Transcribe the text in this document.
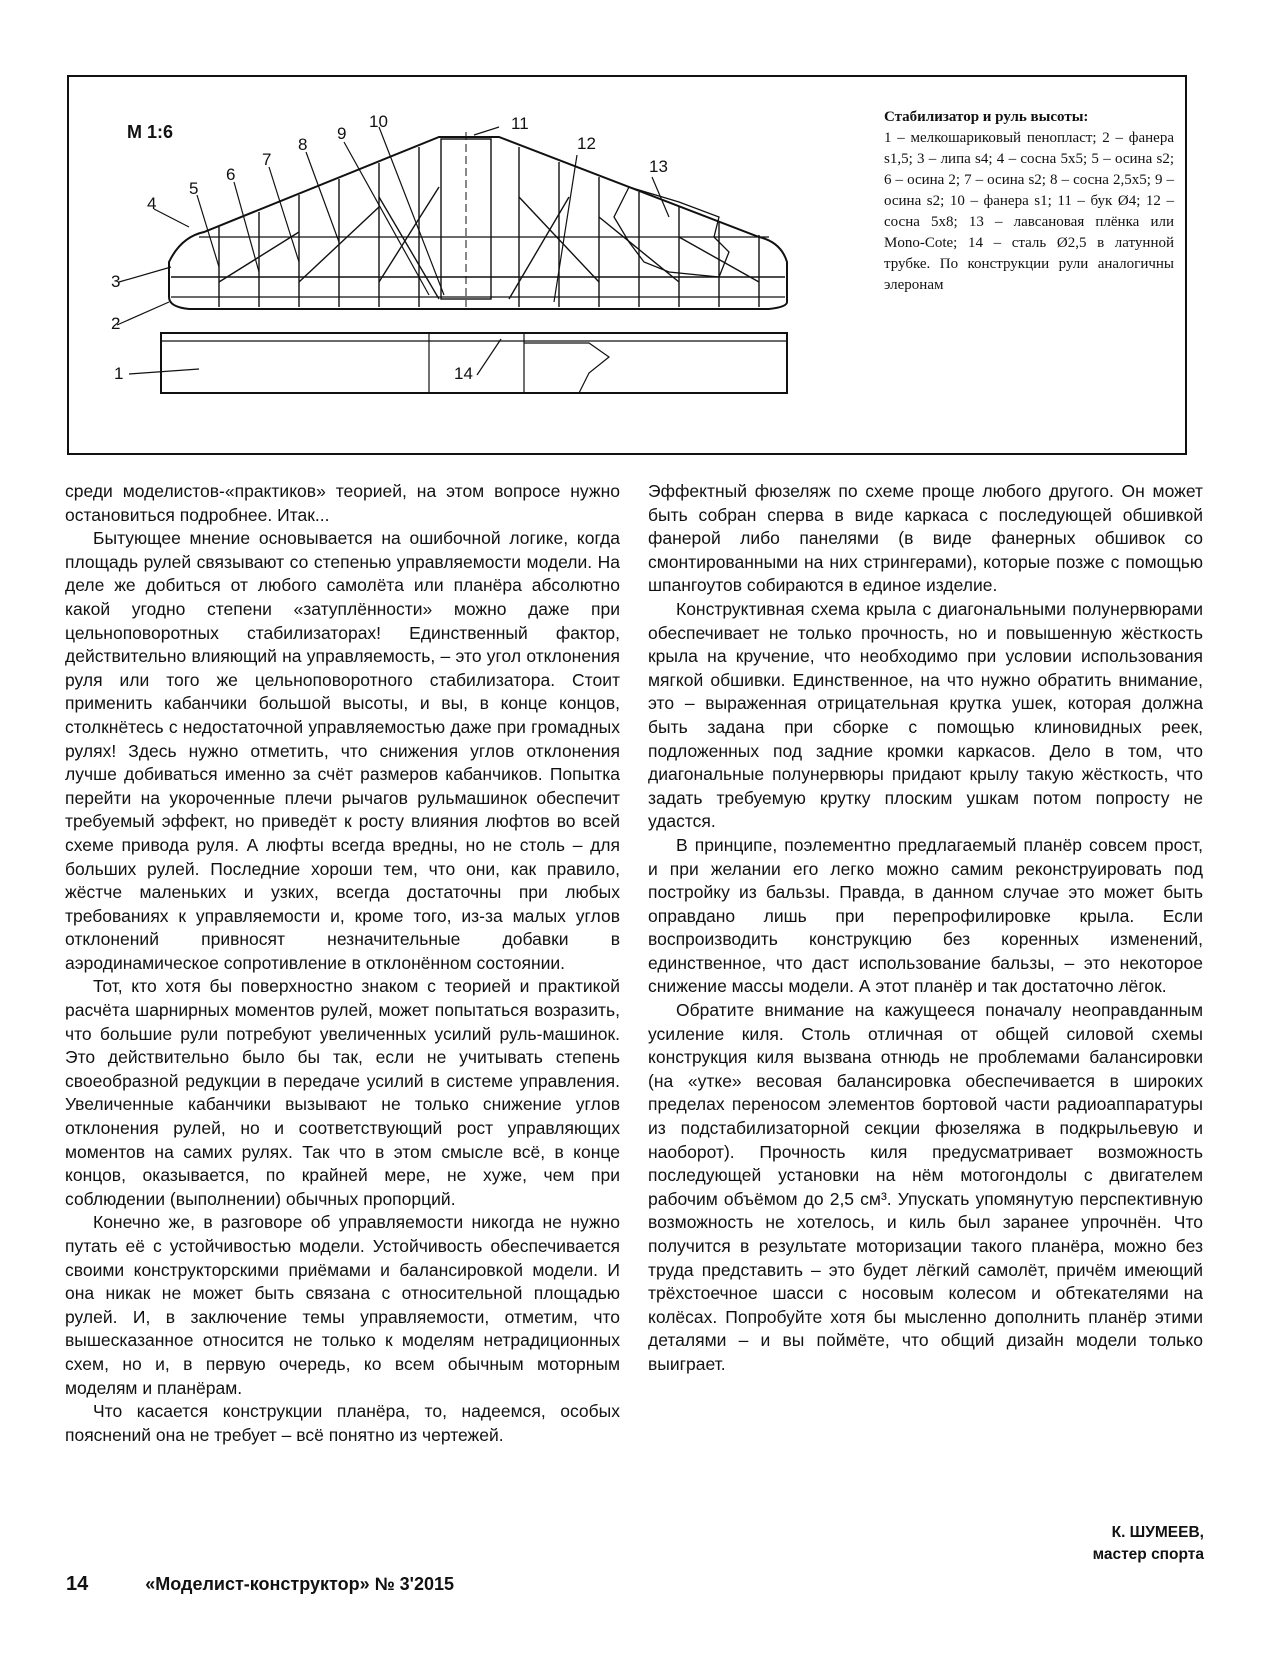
1
2
3
4
5
6
7
8
9
10	11
12
13
14
М 1:6
Стабилизатор и руль высоты:
1 – мелкошариковый пенопласт; 2 – фанера s1,5; 3 – липа s4; 4 – сосна 5x5; 5 – осина s2; 6 – осина 2; 7 – осина s2; 8 – сосна 2,5x5; 9 – осина s2; 10 – фанера s1; 11 – бук Ø4; 12 – сосна 5x8; 13 – лавсановая плёнка или Mono-Cote; 14 – сталь Ø2,5 в латунной трубке. По конструкции рули аналогичны элеронам

среди моделистов-«практиков» теорией, на этом вопросе нужно остановиться подробнее. Итак...

Бытующее мнение основывается на ошибочной логике, когда площадь рулей связывают со степенью управляемости модели. На деле же добиться от любого самолёта или планёра абсолютно какой угодно степени «затуплённости» можно даже при цельноповоротных стабилизаторах! Единственный фактор, действительно влияющий на управляемость, – это угол отклонения руля или того же цельноповоротного стабилизатора. Стоит применить кабанчики большой высоты, и вы, в конце концов, столкнётесь с недостаточной управляемостью даже при громадных рулях! Здесь нужно отметить, что снижения углов отклонения лучше добиваться именно за счёт размеров кабанчиков. Попытка перейти на укороченные плечи рычагов рульмашинок обеспечит требуемый эффект, но приведёт к росту влияния люфтов во всей схеме привода руля. А люфты всегда вредны, но не столь – для больших рулей. Последние хороши тем, что они, как правило, жёстче маленьких и узких, всегда достаточны при любых требованиях к управляемости и, кроме того, из-за малых углов отклонений привносят незначительные добавки в аэродинамическое сопротивление в отклонённом состоянии.

Тот, кто хотя бы поверхностно знаком с теорией и практикой расчёта шарнирных моментов рулей, может попытаться возразить, что большие рули потребуют увеличенных усилий руль-машинок. Это действительно было бы так, если не учитывать степень своеобразной редукции в передаче усилий в системе управления. Увеличенные кабанчики вызывают не только снижение углов отклонения рулей, но и соответствующий рост управляющих моментов на самих рулях. Так что в этом смысле всё, в конце концов, оказывается, по крайней мере, не хуже, чем при соблюдении (выполнении) обычных пропорций.

Конечно же, в разговоре об управляемости никогда не нужно путать её с устойчивостью модели. Устойчивость обеспечивается своими конструкторскими приёмами и балансировкой модели. И она никак не может быть связана с относительной площадью рулей. И, в заключение темы управляемости, отметим, что вышесказанное относится не только к моделям нетрадиционных схем, но и, в первую очередь, ко всем обычным моторным моделям и планёрам.

Что касается конструкции планёра, то, надеемся, особых пояснений она не требует – всё понятно из чертежей.

Эффектный фюзеляж по схеме проще любого другого. Он может быть собран сперва в виде каркаса с последующей обшивкой фанерой либо панелями (в виде фанерных обшивок со смонтированными на них стрингерами), которые позже с помощью шпангоутов собираются в единое изделие.

Конструктивная схема крыла с диагональными полунервюрами обеспечивает не только прочность, но и повышенную жёсткость крыла на кручение, что необходимо при условии использования мягкой обшивки. Единственное, на что нужно обратить внимание, это – выраженная отрицательная крутка ушек, которая должна быть задана при сборке с помощью клиновидных реек, подложенных под задние кромки каркасов. Дело в том, что диагональные полунервюры придают крылу такую жёсткость, что задать требуемую крутку плоским ушкам потом попросту не удастся.

В принципе, поэлементно предлагаемый планёр совсем прост, и при желании его легко можно самим реконструировать под постройку из бальзы. Правда, в данном случае это может быть оправдано лишь при перепрофилировке крыла. Если воспроизводить конструкцию без коренных изменений, единственное, что даст использование бальзы, – это некоторое снижение массы модели. А этот планёр и так достаточно лёгок.

Обратите внимание на кажущееся поначалу неоправданным усиление киля. Столь отличная от общей силовой схемы конструкция киля вызвана отнюдь не проблемами балансировки (на «утке» весовая балансировка обеспечивается в широких пределах переносом элементов бортовой части радиоаппаратуры из подстабилизаторной секции фюзеляжа в подкрыльевую и наоборот). Прочность киля предусматривает возможность последующей установки на нём мотогондолы с двигателем рабочим объёмом до 2,5 см³. Упускать упомянутую перспективную возможность не хотелось, и киль был заранее упрочнён. Что получится в результате моторизации такого планёра, можно без труда представить – это будет лёгкий самолёт, причём имеющий трёхстоечное шасси с носовым колесом и обтекателями на колёсах. Попробуйте хотя бы мысленно дополнить планёр этими деталями – и вы поймёте, что общий дизайн модели только выиграет.

К. ШУМЕЕВ,
мастер спорта
14	«Моделист-конструктор» № 3'2015
